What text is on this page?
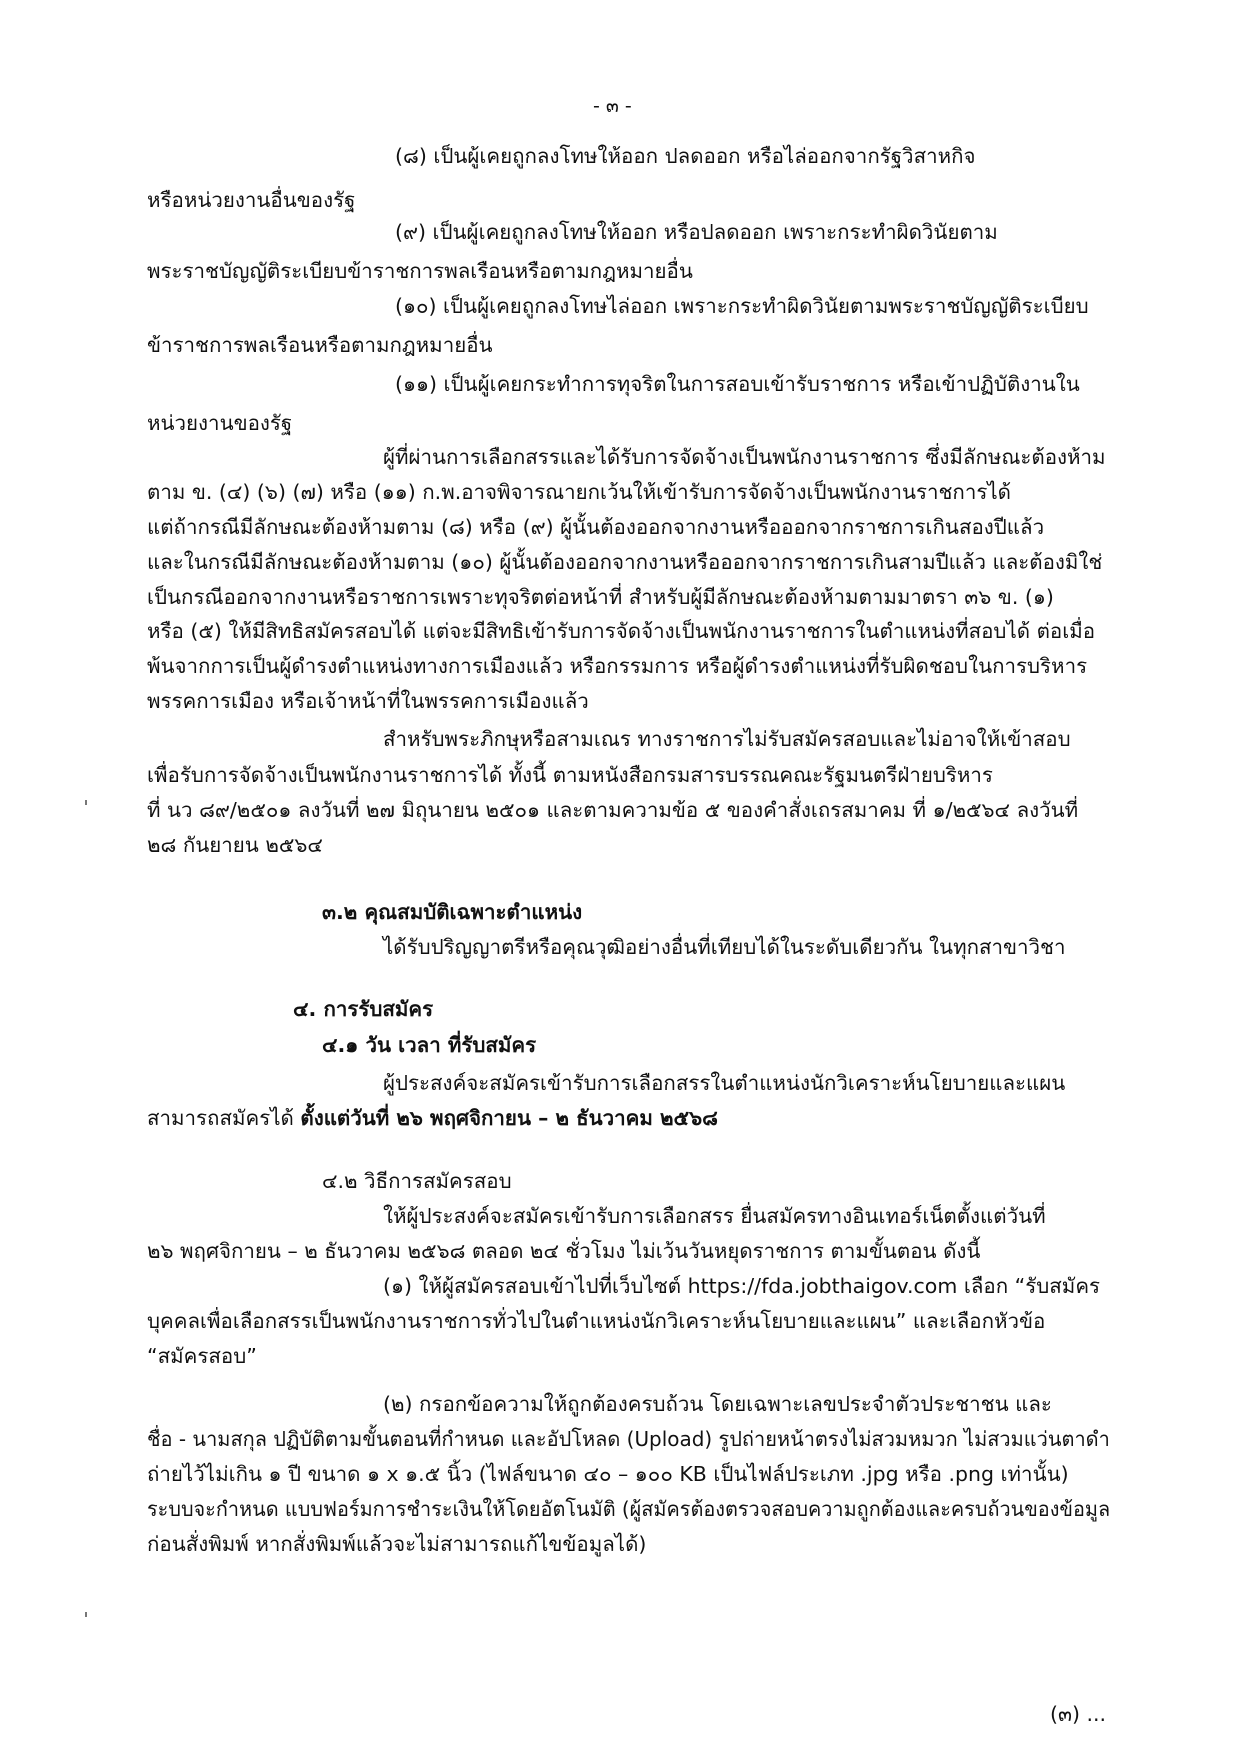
- ๓ -
(๘) เป็นผู้เคยถูกลงโทษให้ออก ปลดออก หรือไล่ออกจากรัฐวิสาหกิจ
หรือหน่วยงานอื่นของรัฐ
(๙) เป็นผู้เคยถูกลงโทษให้ออก หรือปลดออก เพราะกระทำผิดวินัยตาม
พระราชบัญญัติระเบียบข้าราชการพลเรือนหรือตามกฎหมายอื่น
(๑๐) เป็นผู้เคยถูกลงโทษไล่ออก เพราะกระทำผิดวินัยตามพระราชบัญญัติระเบียบ
ข้าราชการพลเรือนหรือตามกฎหมายอื่น
(๑๑) เป็นผู้เคยกระทำการทุจริตในการสอบเข้ารับราชการ หรือเข้าปฏิบัติงานใน
หน่วยงานของรัฐ
ผู้ที่ผ่านการเลือกสรรและได้รับการจัดจ้างเป็นพนักงานราชการ ซึ่งมีลักษณะต้องห้าม
ตาม ข. (๔) (๖) (๗) หรือ (๑๑) ก.พ.อาจพิจารณายกเว้นให้เข้ารับการจัดจ้างเป็นพนักงานราชการได้
แต่ถ้ากรณีมีลักษณะต้องห้ามตาม (๘) หรือ (๙) ผู้นั้นต้องออกจากงานหรือออกจากราชการเกินสองปีแล้ว
และในกรณีมีลักษณะต้องห้ามตาม (๑๐) ผู้นั้นต้องออกจากงานหรือออกจากราชการเกินสามปีแล้ว และต้องมิใช่
เป็นกรณีออกจากงานหรือราชการเพราะทุจริตต่อหน้าที่ สำหรับผู้มีลักษณะต้องห้ามตามมาตรา ๓๖ ข. (๑)
หรือ (๕) ให้มีสิทธิสมัครสอบได้ แต่จะมีสิทธิเข้ารับการจัดจ้างเป็นพนักงานราชการในตำแหน่งที่สอบได้ ต่อเมื่อ
พ้นจากการเป็นผู้ดำรงตำแหน่งทางการเมืองแล้ว หรือกรรมการ หรือผู้ดำรงตำแหน่งที่รับผิดชอบในการบริหาร
พรรคการเมือง หรือเจ้าหน้าที่ในพรรคการเมืองแล้ว
สำหรับพระภิกษุหรือสามเณร ทางราชการไม่รับสมัครสอบและไม่อาจให้เข้าสอบ
เพื่อรับการจัดจ้างเป็นพนักงานราชการได้ ทั้งนี้ ตามหนังสือกรมสารบรรณคณะรัฐมนตรีฝ่ายบริหาร
ที่ นว ๘๙/๒๕๐๑ ลงวันที่ ๒๗ มิถุนายน ๒๕๐๑ และตามความข้อ ๕ ของคำสั่งเถรสมาคม ที่ ๑/๒๕๖๔ ลงวันที่
๒๘ กันยายน ๒๕๖๔
๓.๒ คุณสมบัติเฉพาะตำแหน่ง
ได้รับปริญญาตรีหรือคุณวุฒิอย่างอื่นที่เทียบได้ในระดับเดียวกัน ในทุกสาขาวิชา
๔. การรับสมัคร
๔.๑ วัน เวลา ที่รับสมัคร
ผู้ประสงค์จะสมัครเข้ารับการเลือกสรรในตำแหน่งนักวิเคราะห์นโยบายและแผน
สามารถสมัครได้ ตั้งแต่วันที่ ๒๖ พฤศจิกายน – ๒ ธันวาคม ๒๕๖๘
๔.๒ วิธีการสมัครสอบ
ให้ผู้ประสงค์จะสมัครเข้ารับการเลือกสรร ยื่นสมัครทางอินเทอร์เน็ตตั้งแต่วันที่
๒๖ พฤศจิกายน – ๒ ธันวาคม ๒๕๖๘ ตลอด ๒๔ ชั่วโมง ไม่เว้นวันหยุดราชการ ตามขั้นตอน ดังนี้
(๑) ให้ผู้สมัครสอบเข้าไปที่เว็บไซต์ https://fda.jobthaigov.com เลือก “รับสมัคร
บุคคลเพื่อเลือกสรรเป็นพนักงานราชการทั่วไปในตำแหน่งนักวิเคราะห์นโยบายและแผน” และเลือกหัวข้อ
“สมัครสอบ”
(๒) กรอกข้อความให้ถูกต้องครบถ้วน โดยเฉพาะเลขประจำตัวประชาชน และ
ชื่อ - นามสกุล ปฏิบัติตามขั้นตอนที่กำหนด และอัปโหลด (Upload) รูปถ่ายหน้าตรงไม่สวมหมวก ไม่สวมแว่นตาดำ
ถ่ายไว้ไม่เกิน ๑ ปี ขนาด ๑ x ๑.๕ นิ้ว (ไฟล์ขนาด ๔๐ – ๑๐๐ KB เป็นไฟล์ประเภท .jpg หรือ .png เท่านั้น)
ระบบจะกำหนด แบบฟอร์มการชำระเงินให้โดยอัตโนมัติ (ผู้สมัครต้องตรวจสอบความถูกต้องและครบถ้วนของข้อมูล
ก่อนสั่งพิมพ์ หากสั่งพิมพ์แล้วจะไม่สามารถแก้ไขข้อมูลได้)
(๓) ...
